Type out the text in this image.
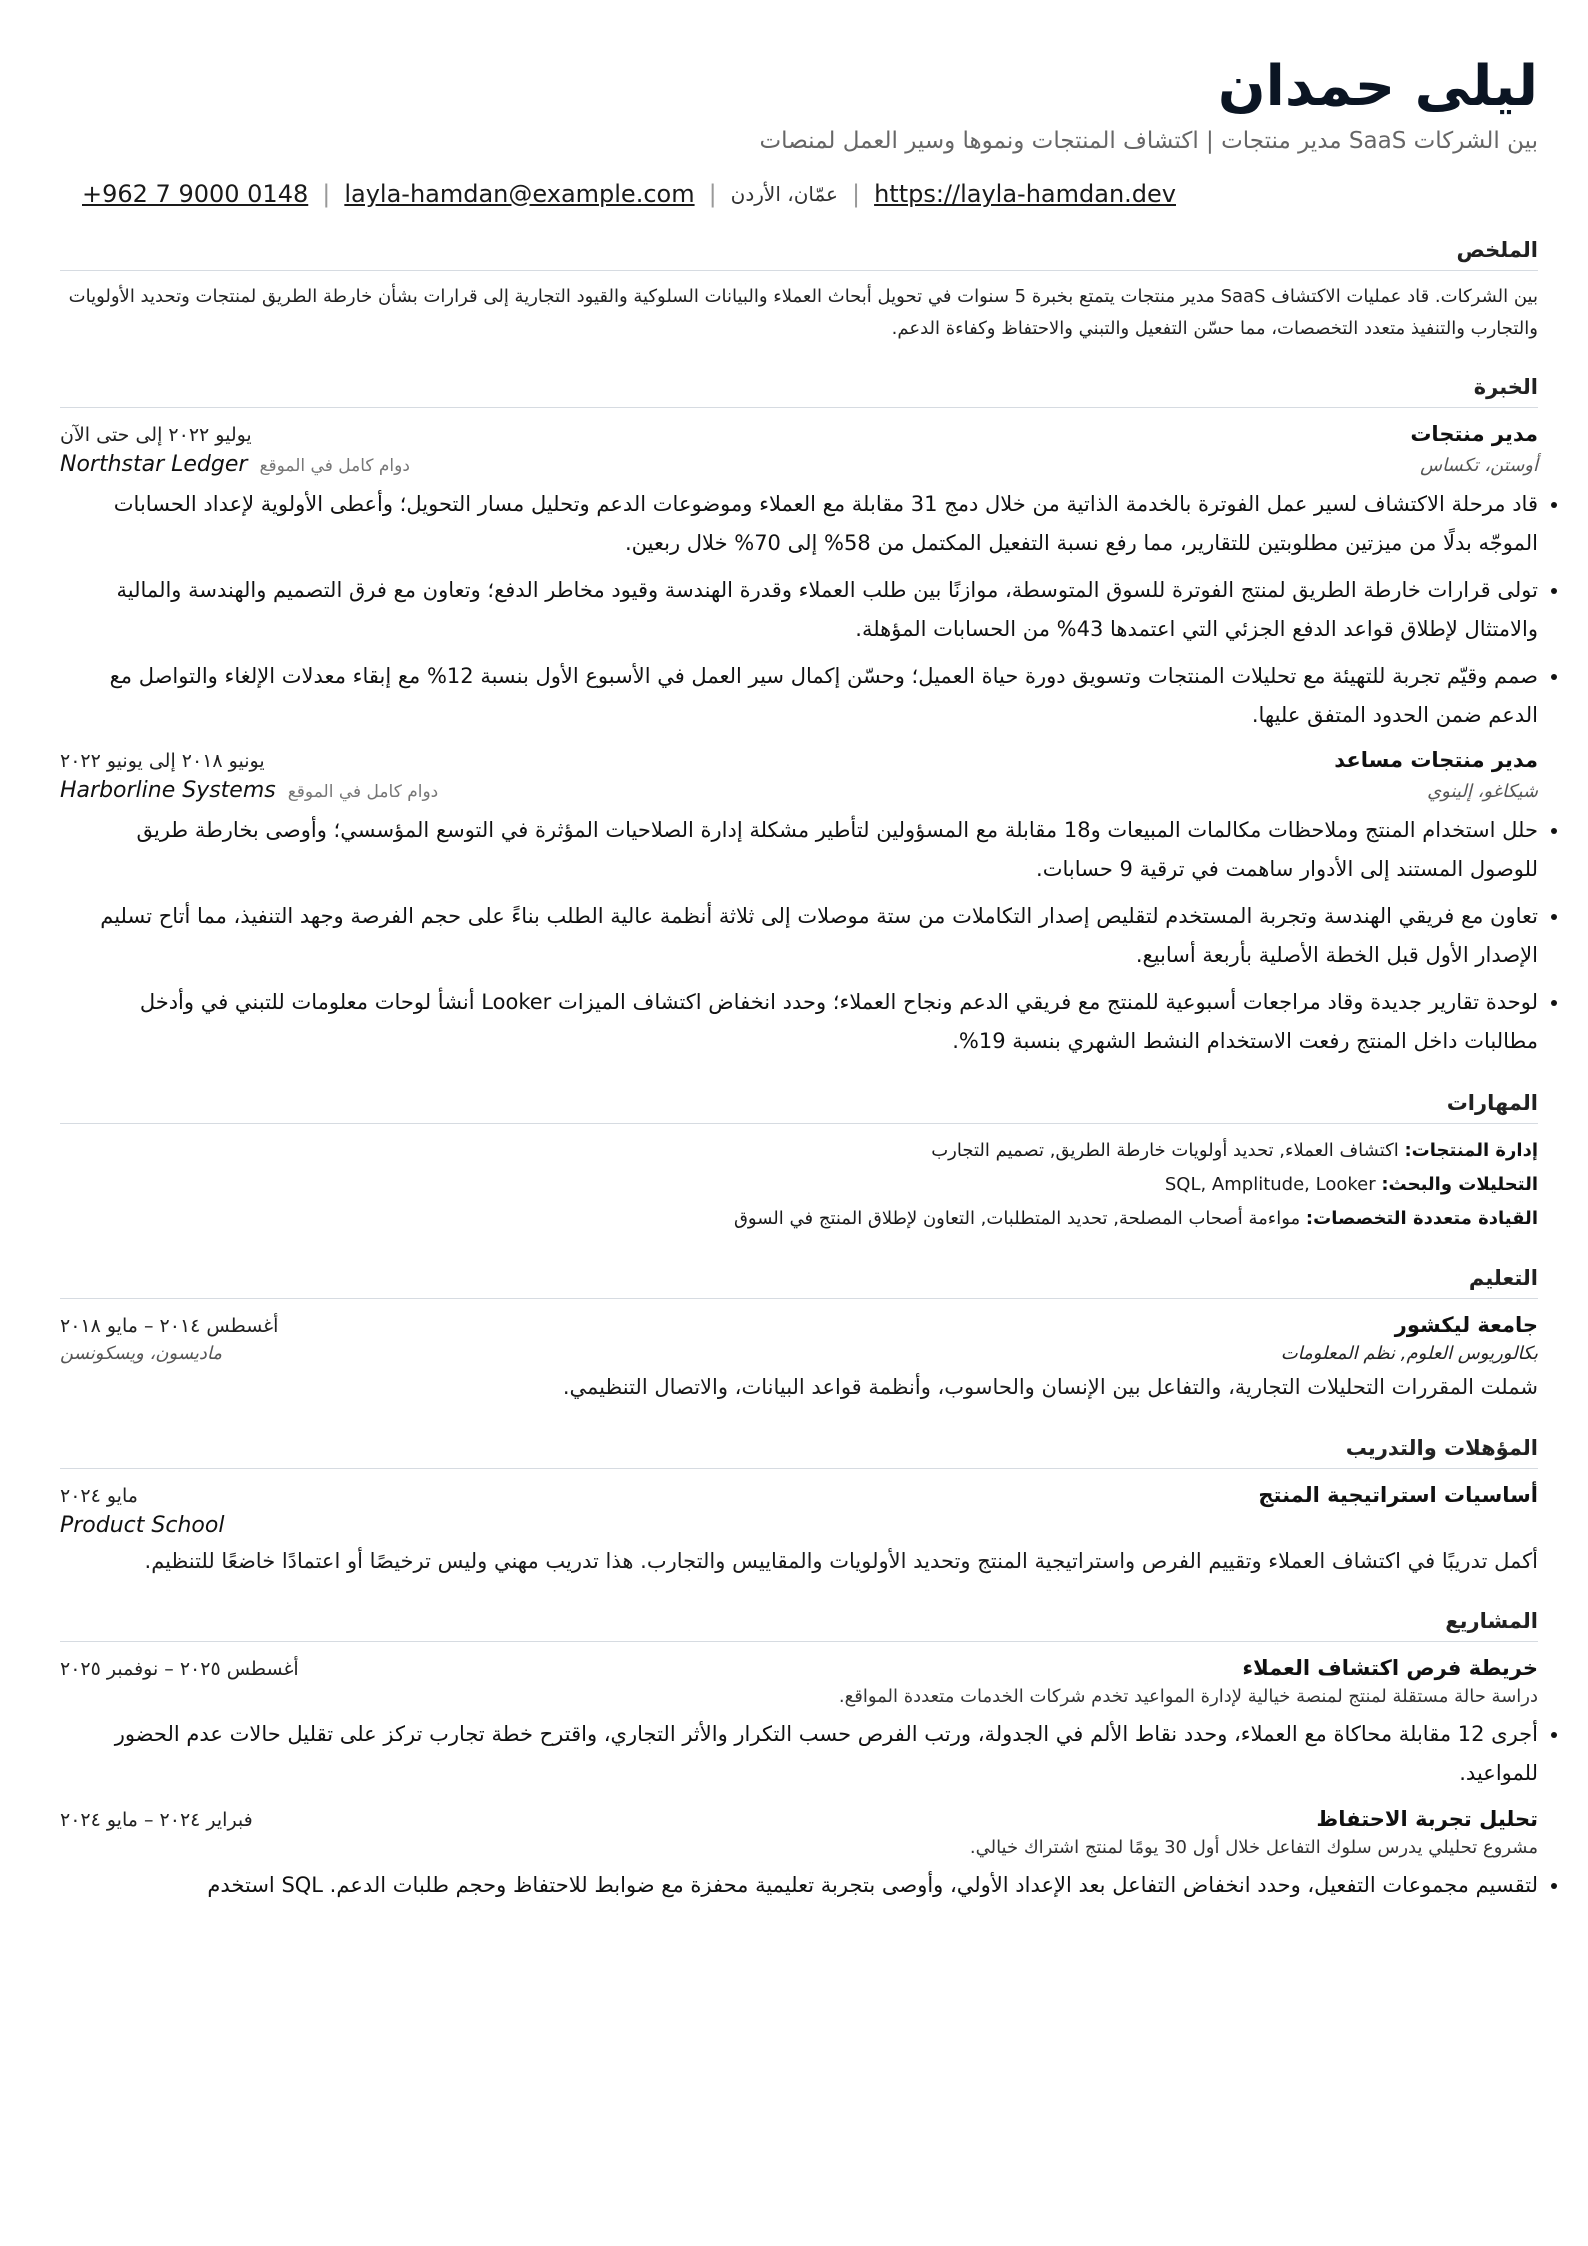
ليلى حمدان
بين الشركات SaaS مدير منتجات | اكتشاف المنتجات ونموها وسير العمل لمنصات
+962 7 9000 0148 | layla-hamdan@example.com | عمّان، الأردن | https://layla-hamdan.dev
الملخص
بين الشركات. قاد عمليات الاكتشاف SaaS مدير منتجات يتمتع بخبرة 5 سنوات في تحويل أبحاث العملاء والبيانات السلوكية والقيود التجارية إلى قرارات بشأن خارطة الطريق لمنتجات وتحديد الأولويات والتجارب والتنفيذ متعدد التخصصات، مما حسّن التفعيل والتبني والاحتفاظ وكفاءة الدعم.
الخبرة
مدير منتجات
يوليو ٢٠٢٢ إلى حتى الآن
Northstar Ledger دوام كامل في الموقع	أوستن، تكساس
• قاد مرحلة الاكتشاف لسير عمل الفوترة بالخدمة الذاتية من خلال دمج 31 مقابلة مع العملاء وموضوعات الدعم وتحليل مسار التحويل؛ وأعطى الأولوية لإعداد الحسابات الموجّه بدلًا من ميزتين مطلوبتين للتقارير، مما رفع نسبة التفعيل المكتمل من 58% إلى 70% خلال ربعين.
• تولى قرارات خارطة الطريق لمنتج الفوترة للسوق المتوسطة، موازنًا بين طلب العملاء وقدرة الهندسة وقيود مخاطر الدفع؛ وتعاون مع فرق التصميم والهندسة والمالية والامتثال لإطلاق قواعد الدفع الجزئي التي اعتمدها 43% من الحسابات المؤهلة.
• صمم وقيّم تجربة للتهيئة مع تحليلات المنتجات وتسويق دورة حياة العميل؛ وحسّن إكمال سير العمل في الأسبوع الأول بنسبة 12% مع إبقاء معدلات الإلغاء والتواصل مع الدعم ضمن الحدود المتفق عليها.
مدير منتجات مساعد
يونيو ٢٠١٨ إلى يونيو ٢٠٢٢
Harborline Systems دوام كامل في الموقع	شيكاغو، إلينوي
• حلل استخدام المنتج وملاحظات مكالمات المبيعات و18 مقابلة مع المسؤولين لتأطير مشكلة إدارة الصلاحيات المؤثرة في التوسع المؤسسي؛ وأوصى بخارطة طريق للوصول المستند إلى الأدوار ساهمت في ترقية 9 حسابات.
• تعاون مع فريقي الهندسة وتجربة المستخدم لتقليص إصدار التكاملات من ستة موصلات إلى ثلاثة أنظمة عالية الطلب بناءً على حجم الفرصة وجهد التنفيذ، مما أتاح تسليم الإصدار الأول قبل الخطة الأصلية بأربعة أسابيع.
• لوحدة تقارير جديدة وقاد مراجعات أسبوعية للمنتج مع فريقي الدعم ونجاح العملاء؛ وحدد انخفاض اكتشاف الميزات Looker أنشأ لوحات معلومات للتبني في وأدخل مطالبات داخل المنتج رفعت الاستخدام النشط الشهري بنسبة 19%.
المهارات
إدارة المنتجات: اكتشاف العملاء, تحديد أولويات خارطة الطريق, تصميم التجارب
التحليلات والبحث: SQL, Amplitude, Looker
القيادة متعددة التخصصات: مواءمة أصحاب المصلحة, تحديد المتطلبات, التعاون لإطلاق المنتج في السوق
التعليم
جامعة ليكشور
أغسطس ٢٠١٤ – مايو ٢٠١٨
بكالوريوس العلوم, نظم المعلومات
ماديسون، ويسكونسن
شملت المقررات التحليلات التجارية، والتفاعل بين الإنسان والحاسوب، وأنظمة قواعد البيانات، والاتصال التنظيمي.
المؤهلات والتدريب
أساسيات استراتيجية المنتج
مايو ٢٠٢٤
Product School
أكمل تدريبًا في اكتشاف العملاء وتقييم الفرص واستراتيجية المنتج وتحديد الأولويات والمقاييس والتجارب. هذا تدريب مهني وليس ترخيصًا أو اعتمادًا خاضعًا للتنظيم.
المشاريع
خريطة فرص اكتشاف العملاء
أغسطس ٢٠٢٥ – نوفمبر ٢٠٢٥
دراسة حالة مستقلة لمنتج لمنصة خيالية لإدارة المواعيد تخدم شركات الخدمات متعددة المواقع.
• أجرى 12 مقابلة محاكاة مع العملاء، وحدد نقاط الألم في الجدولة، ورتب الفرص حسب التكرار والأثر التجاري، واقترح خطة تجارب تركز على تقليل حالات عدم الحضور للمواعيد.
تحليل تجربة الاحتفاظ
فبراير ٢٠٢٤ – مايو ٢٠٢٤
مشروع تحليلي يدرس سلوك التفاعل خلال أول 30 يومًا لمنتج اشتراك خيالي.
• لتقسيم مجموعات التفعيل، وحدد انخفاض التفاعل بعد الإعداد الأولي، وأوصى بتجربة تعليمية محفزة مع ضوابط للاحتفاظ وحجم طلبات الدعم. SQL استخدم
